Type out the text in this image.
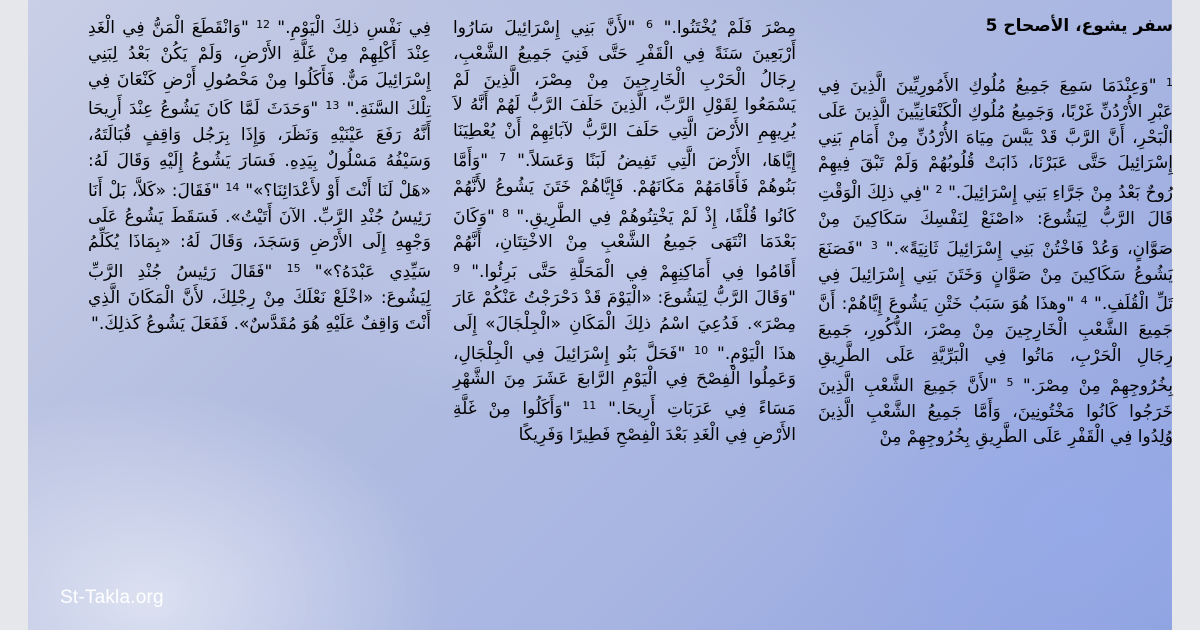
سفر يشوع، الأصحاح 5
$^1$ "وَعِنْدَمَا سَمِعَ جَمِيعُ مُلُوكِ الأَمُورِيِّينَ الَّذِينَ فِي عَبْرِ الأُرْدُنِّ غَرْبًا، وَجَمِيعُ مُلُوكِ الْكَنْعَانِيِّينَ الَّذِينَ عَلَى الْبَحْرِ، أَنَّ الرَّبَّ قَدْ يَبَّسَ مِيَاهَ الأُرْدُنِّ مِنْ أَمَامِ بَنِي إِسْرَائِيلَ حَتَّى عَبَرْنَا، ذَابَتْ قُلُوبُهُمْ وَلَمْ تَبْقَ فِيهِمْ رُوحٌ بَعْدُ مِنْ جَرَّاءِ بَنِي إِسْرَائِيلَ." $^2$ "فِي ذلِكَ الْوَقْتِ قَالَ الرَّبُّ لِيَشُوعَ: «اصْنَعْ لِنَفْسِكَ سَكَاكِينَ مِنْ صَوَّانٍ، وَعُدْ فَاخْتُنْ بَنِي إِسْرَائِيلَ ثَانِيَةً»." $^3$ "فَصَنَعَ يَشُوعُ سَكَاكِينَ مِنْ صَوَّانٍ وَخَتَنَ بَنِي إِسْرَائِيلَ فِي تَلِّ الْقُلَفِ." $^4$ "وهذَا هُوَ سَبَبُ خَتْنِ يَشُوعَ إِيَّاهُمْ: أَنَّ جَمِيعَ الشَّعْبِ الْخَارِجِينَ مِنْ مِصْرَ، الذُّكُورِ، جَمِيعَ رِجَالِ الْحَرْبِ، مَاتُوا فِي الْبَرِّيَّةِ عَلَى الطَّرِيقِ بِخُرُوجِهِمْ مِنْ مِصْرَ." $^5$ "لأَنَّ جَمِيعَ الشَّعْبِ الَّذِينَ خَرَجُوا كَانُوا مَخْتُونِينَ، وَأَمَّا جَمِيعُ الشَّعْبِ الَّذِينَ وُلِدُوا فِي الْقَفْرِ عَلَى الطَّرِيقِ بِخُرُوجِهِمْ مِنْ
مِصْرَ فَلَمْ يُخْتَنُوا." $^6$ "لأَنَّ بَنِي إِسْرَائِيلَ سَارُوا أَرْبَعِينَ سَنَةً فِي الْقَفْرِ حَتَّى فَنِيَ جَمِيعُ الشَّعْبِ، رِجَالُ الْحَرْبِ الْخَارِجِينَ مِنْ مِصْرَ، الَّذِينَ لَمْ يَسْمَعُوا لِقَوْلِ الرَّبِّ، الَّذِينَ حَلَفَ الرَّبُّ لَهُمْ أَنَّهُ لاَ يُرِيهِمِ الأَرْضَ الَّتِي حَلَفَ الرَّبُّ لآبَائِهِمْ أَنْ يُعْطِيَنَا إِيَّاهَا، الأَرْضَ الَّتِي تَفِيضُ لَبَنًا وَعَسَلاً." $^7$ "وَأَمَّا بَنُوهُمْ فَأَقَامَهُمْ مَكَانَهُمْ. فَإِيَّاهُمْ خَتَنَ يَشُوعُ لأَنَّهُمْ كَانُوا قُلْفًا، إِذْ لَمْ يَخْتِنُوهُمْ فِي الطَّرِيقِ." $^8$ "وَكَانَ بَعْدَمَا انْتَهَى جَمِيعُ الشَّعْبِ مِنْ الاخْتِتَانِ، أَنَّهُمْ أَقَامُوا فِي أَمَاكِنِهِمْ فِي الْمَحَلَّةِ حَتَّى بَرِئُوا." $^9$ "وَقَالَ الرَّبُّ لِيَشُوعَ: «الْيَوْمَ قَدْ دَحْرَجْتُ عَنْكُمْ عَارَ مِصْرَ». فَدُعِيَ اسْمُ ذلِكَ الْمَكَانِ «الْجِلْجَالَ» إِلَى هذَا الْيَوْمِ." $^{10}$ "فَحَلَّ بَنُو إِسْرَائِيلَ فِي الْجِلْجَالِ، وَعَمِلُوا الْفِصْحَ فِي الْيَوْمِ الرَّابعَ عَشَرَ مِنَ الشَّهْرِ مَسَاءً فِي عَرَبَاتِ أَرِيحَا." $^{11}$ "وَأَكَلُوا مِنْ غَلَّةِ الأَرْضِ فِي الْغَدِ بَعْدَ الْفِصْحِ فَطِيرًا وَفَرِيكًا
فِي نَفْسِ ذلِكَ الْيَوْمِ." $^{12}$ "وَانْقَطَعَ الْمَنُّ فِي الْغَدِ عِنْدَ أَكْلِهِمْ مِنْ غَلَّةِ الأَرْضِ، وَلَمْ يَكُنْ بَعْدُ لِبَنِي إِسْرَائِيلَ مَنٌّ. فَأَكَلُوا مِنْ مَحْصُولِ أَرْضِ كَنْعَانَ فِي تِلْكَ السَّنَةِ." $^{13}$ "وَحَدَثَ لَمَّا كَانَ يَشُوعُ عِنْدَ أَرِيحَا أَنَّهُ رَفَعَ عَيْنَيْهِ وَنَظَرَ، وَإِذَا بِرَجُل وَاقِفٍ قُبَالَتَهُ، وَسَيْفُهُ مَسْلُولٌ بِيَدِهِ. فَسَارَ يَشُوعُ إِلَيْهِ وَقَالَ لَهُ: «هَلْ لَنَا أَنْتَ أَوْ لأَعْدَائِنَا؟»" $^{14}$ "فَقَالَ: «كَلاَّ، بَلْ أَنَا رَئِيسُ جُنْدِ الرَّبِّ. الآنَ أَتَيْتُ». فَسَقَطَ يَشُوعُ عَلَى وَجْهِهِ إِلَى الأَرْضِ وَسَجَدَ، وَقَالَ لَهُ: «بِمَاذَا يُكَلِّمُ سَيِّدِي عَبْدَهُ؟»" $^{15}$ "فَقَالَ رَئِيسُ جُنْدِ الرَّبِّ لِيَشُوعَ: «اخْلَعْ نَعْلَكَ مِنْ رِجْلِكَ، لأَنَّ الْمَكَانَ الَّذِي أَنْتَ وَاقِفٌ عَلَيْهِ هُوَ مُقَدَّسٌ». فَفَعَلَ يَشُوعُ كَذلِكَ."
St-Takla.org
